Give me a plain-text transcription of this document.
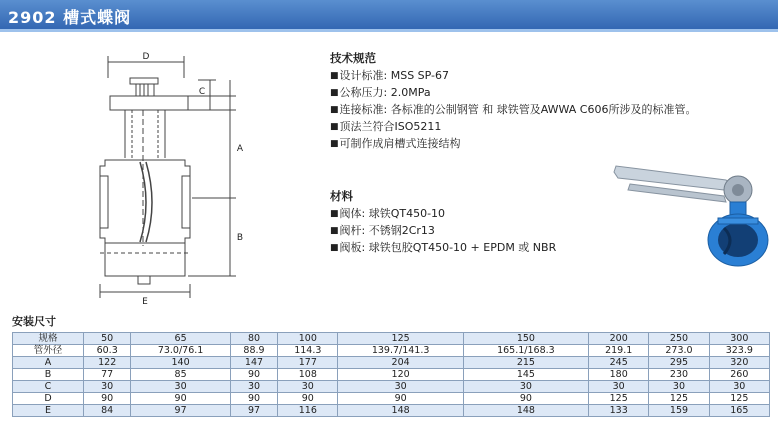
2902 槽式蝶阀
D
C
A
B
E
技术规范
■ 设计标准: MSS SP-67
■ 公称压力: 2.0MPa
■ 连接标准: 各标准的公制钢管 和 球铁管及AWWA C606所涉及的标准管。
■ 顶法兰符合ISO5211
■ 可制作成肩槽式连接结构
材料
■ 阀体: 球铁QT450-10
■ 阀杆: 不锈钢2Cr13
■ 阀板: 球铁包胶QT450-10 + EPDM 或 NBR
安装尺寸
规格	50	65	80	100	125	150	200	250	300
管外径	60.3	73.0/76.1	88.9	114.3	139.7/141.3	165.1/168.3	219.1	273.0	323.9
A	122	140	147	177	204	215	245	295	320
B	77	85	90	108	120	145	180	230	260
C	30	30	30	30	30	30	30	30	30
D	90	90	90	90	90	90	125	125	125
E	84	97	97	116	148	148	133	159	165
